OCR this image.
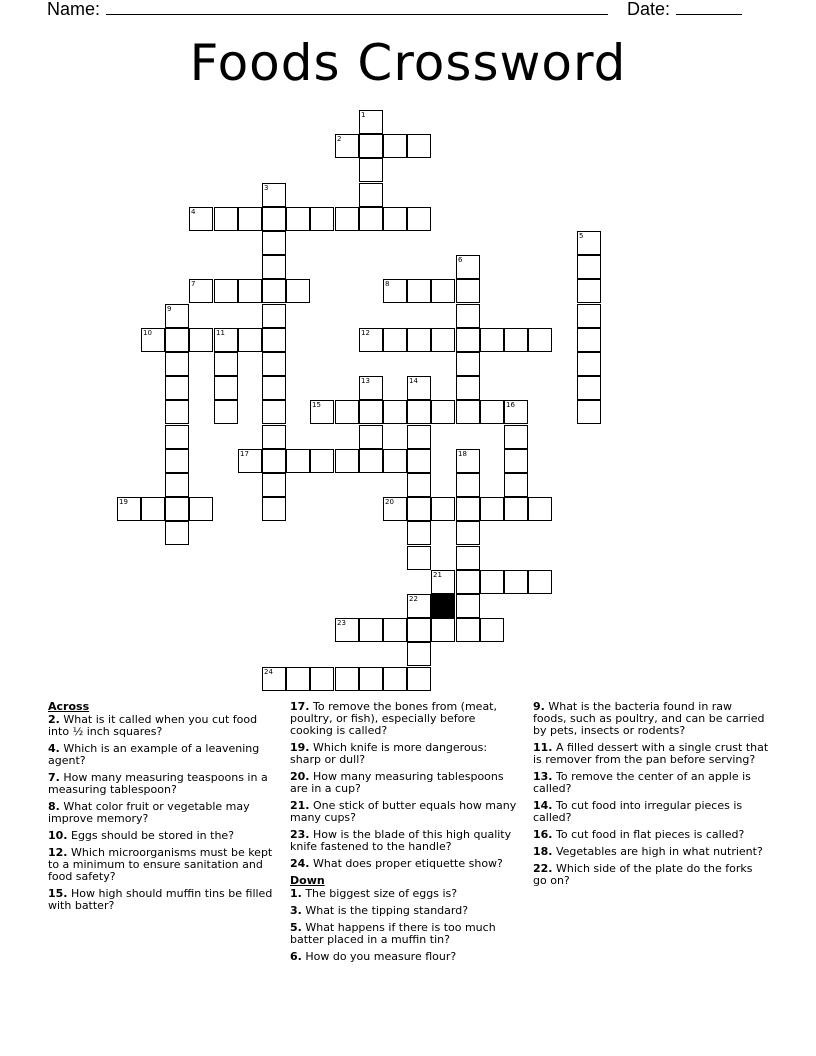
Name:	Date:
Foods Crossword
2
4
7	8
10	11	12
15	16
17
19	20
21
23
24
1
3
5
6
9
13	14
18
22
Across
2. What is it called when you cut food into ½ inch squares?
4. Which is an example of a leavening agent?
7. How many measuring teaspoons in a measuring tablespoon?
8. What color fruit or vegetable may improve memory?
10. Eggs should be stored in the?
12. Which microorganisms must be kept to a minimum to ensure sanitation and food safety?
15. How high should muffin tins be filled with batter?
17. To remove the bones from (meat, poultry, or fish), especially before cooking is called?
19. Which knife is more dangerous: sharp or dull?
20. How many measuring tablespoons are in a cup?
21. One stick of butter equals how many many cups?
23. How is the blade of this high quality knife fastened to the handle?
24. What does proper etiquette show?
Down
1. The biggest size of eggs is?
3. What is the tipping standard?
5. What happens if there is too much batter placed in a muffin tin?
6. How do you measure flour?
9. What is the bacteria found in raw foods, such as poultry, and can be carried by pets, insects or rodents?
11. A filled dessert with a single crust that is remover from the pan before serving?
13. To remove the center of an apple is called?
14. To cut food into irregular pieces is called?
16. To cut food in flat pieces is called?
18. Vegetables are high in what nutrient?
22. Which side of the plate do the forks go on?
